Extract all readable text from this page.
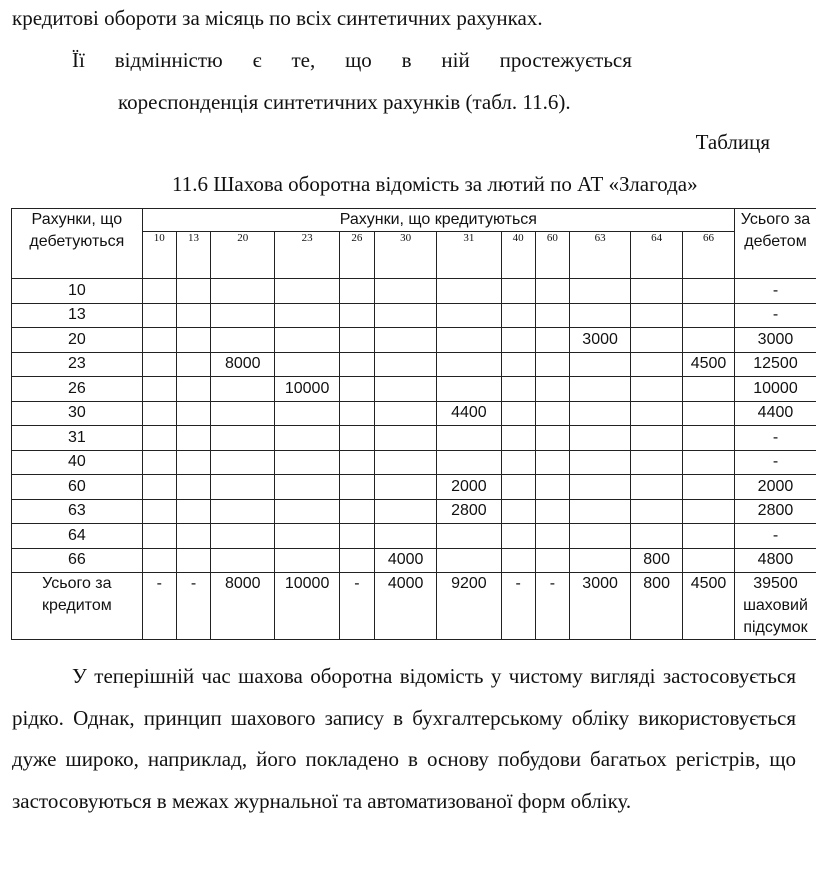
кредитові обороти за місяць по всіх синтетичних рахунках.
Її відмінністю є те, що в ній простежується
кореспонденція синтетичних рахунків (табл. 11.6).
Таблиця
11.6 Шахова оборотна відомість за лютий по АТ «Злагода»
Рахунки, що дебетуються	Рахунки, що кредитуються												Усього за дебетом
	10	13	20	23	26	30	31	40	60	63	64	66	
10													-
13													-
20										3000			3000
23			8000									4500	12500
26				10000									10000
30							4400						4400
31													-
40													-
60							2000						2000
63							2800						2800
64													-
66						4000					800		4800
Усього за кредитом	-	-	8000	10000	-	4000	9200	-	-	3000	800	4500	39500 шаховий підсумок
У теперішній час шахова оборотна відомість у чистому вигляді застосовується рідко. Однак, принцип шахового запису в бухгалтерському обліку використовується дуже широко, наприклад, його покладено в основу побудови багатьох регістрів, що застосовуються в межах журнальної та автоматизованої форм обліку.
